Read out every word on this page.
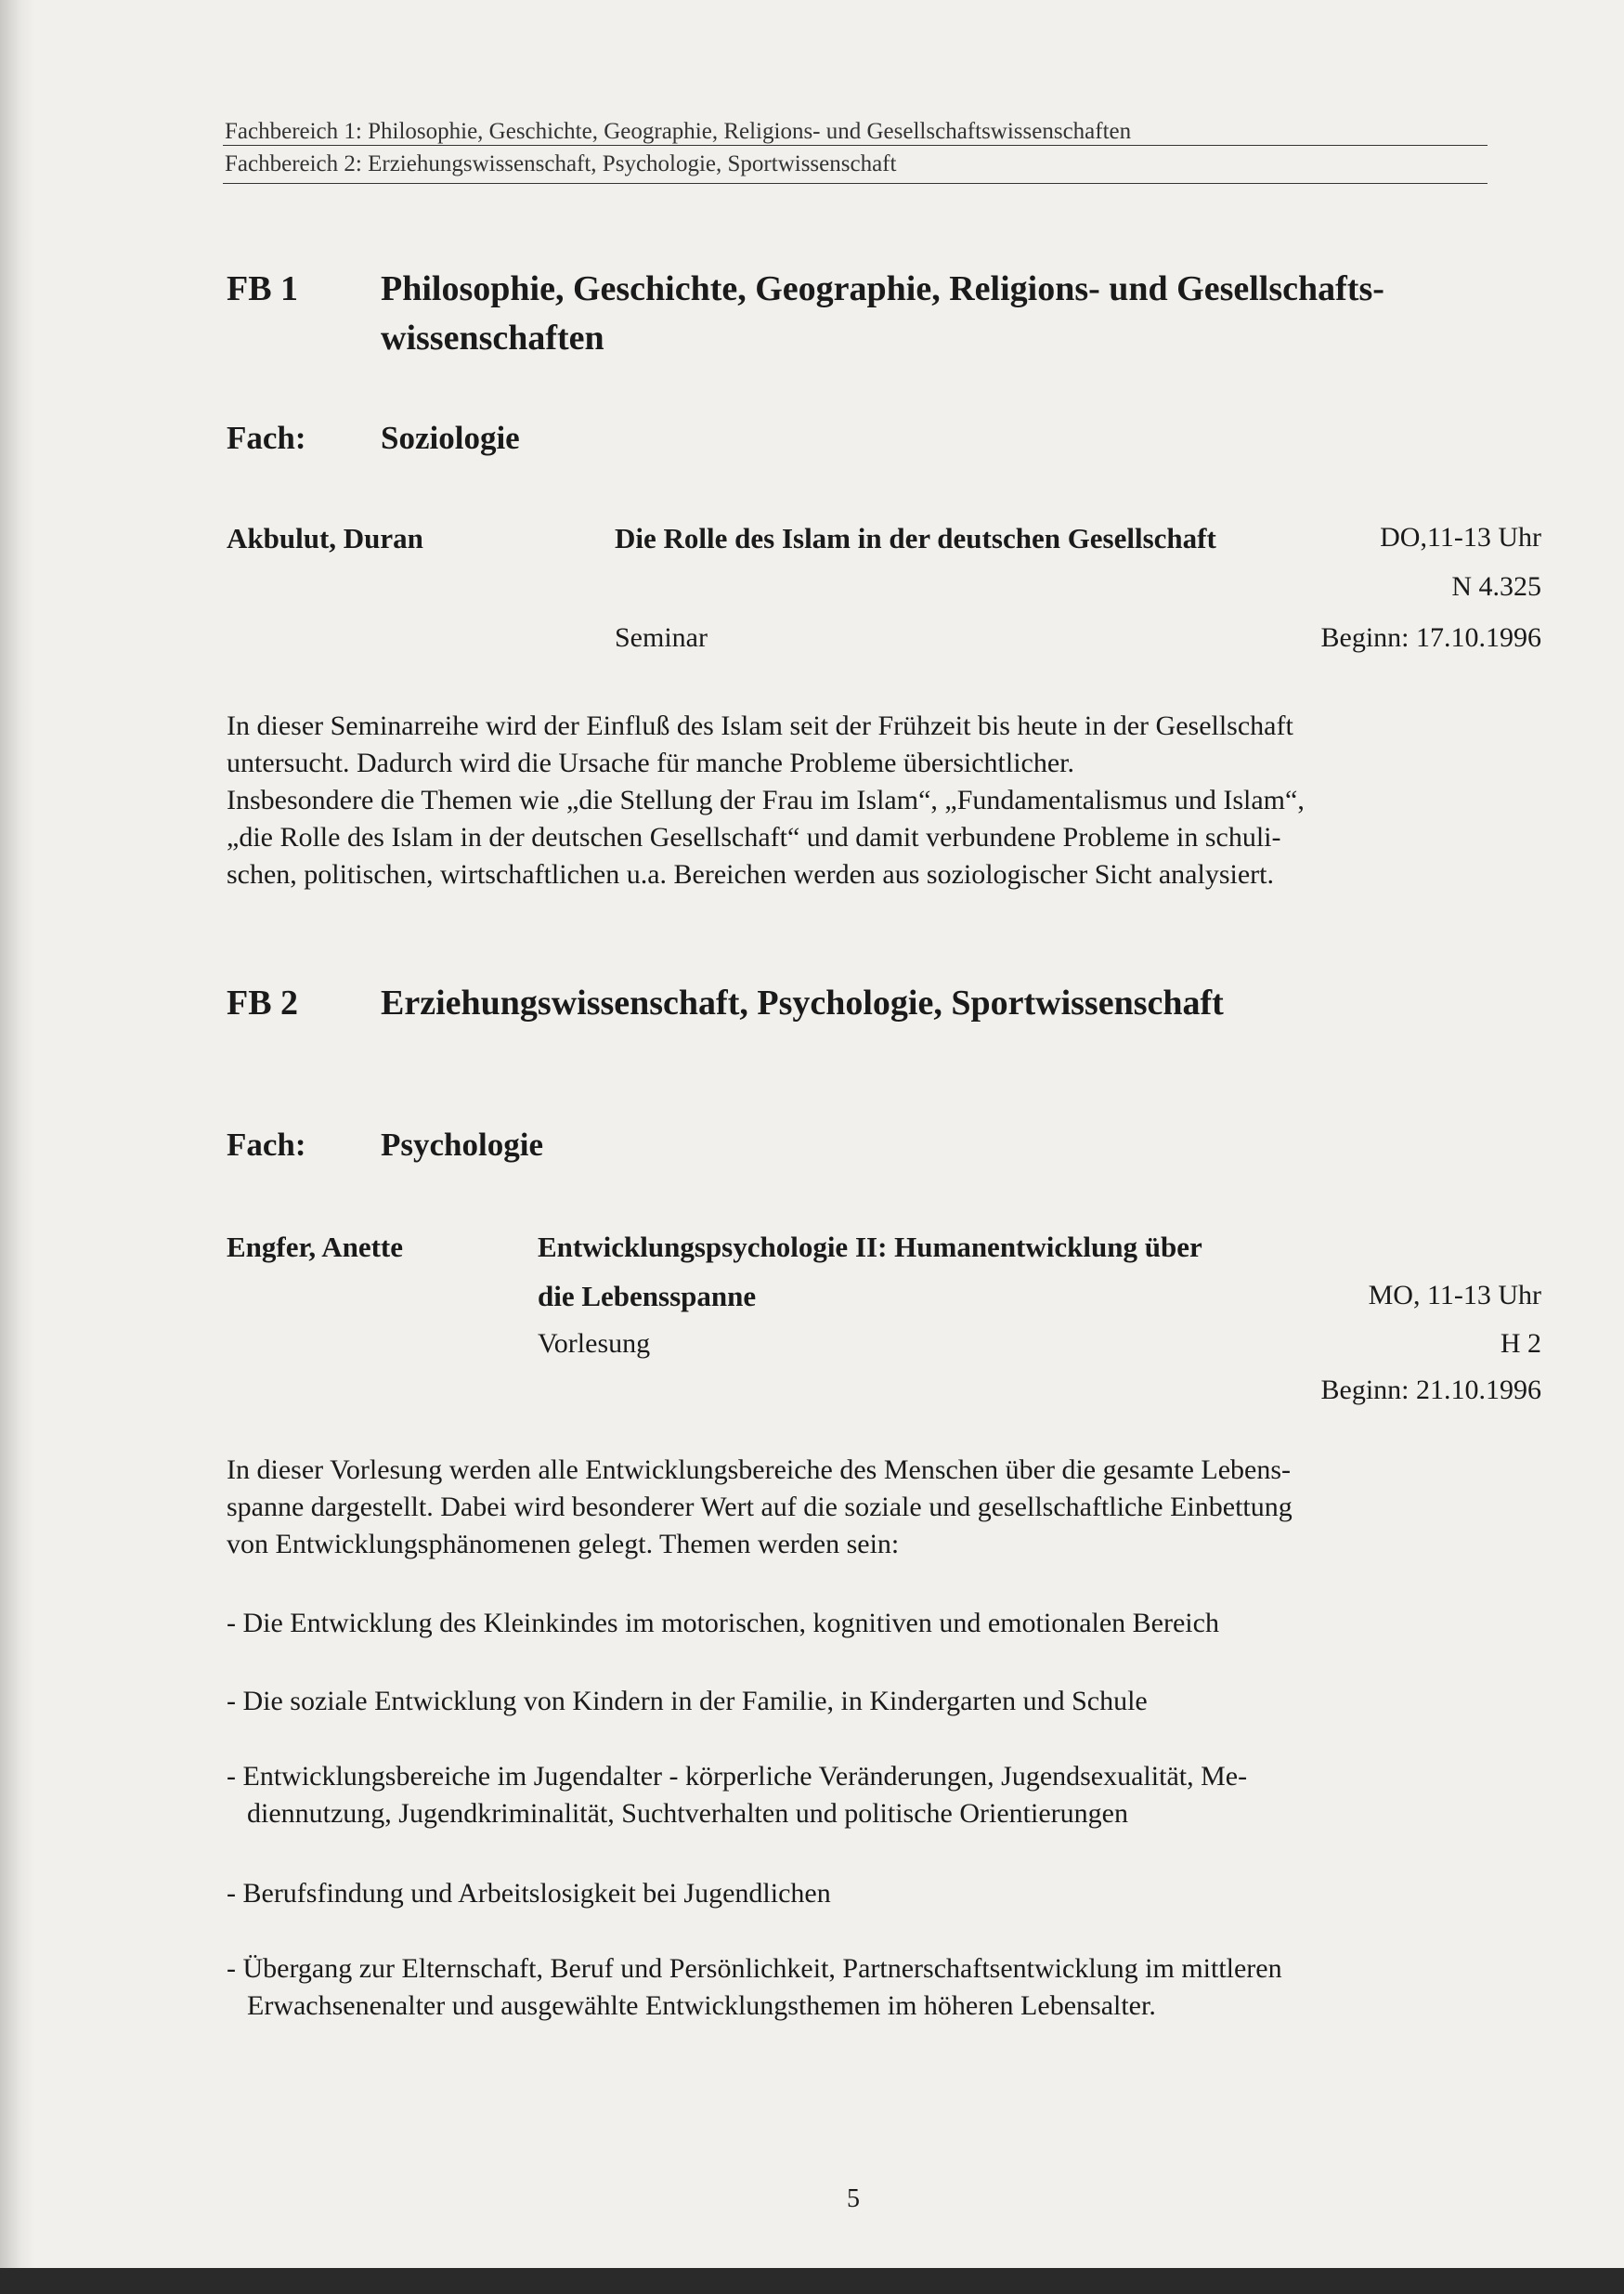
Fachbereich 1: Philosophie, Geschichte, Geographie, Religions- und Gesellschaftswissenschaften
Fachbereich 2: Erziehungswissenschaft, Psychologie, Sportwissenschaft
FB 1 Philosophie, Geschichte, Geographie, Religions- und Gesellschafts-
wissenschaften
Fach: Soziologie
Akbulut, Duran	Die Rolle des Islam in der deutschen Gesellschaft	DO,11-13 Uhr
N 4.325
Seminar	Beginn: 17.10.1996

In dieser Seminarreihe wird der Einfluß des Islam seit der Frühzeit bis heute in der Gesellschaft

untersucht. Dadurch wird die Ursache für manche Probleme übersichtlicher.

Insbesondere die Themen wie „die Stellung der Frau im Islam“, „Fundamentalismus und Islam“,

„die Rolle des Islam in der deutschen Gesellschaft“ und damit verbundene Probleme in schuli-

schen, politischen, wirtschaftlichen u.a. Bereichen werden aus soziologischer Sicht analysiert.

FB 2 Erziehungswissenschaft, Psychologie, Sportwissenschaft
Fach: Psychologie
Engfer, Anette	Entwicklungspsychologie II: Humanentwicklung über
die Lebensspanne	MO, 11-13 Uhr
Vorlesung	H 2
Beginn: 21.10.1996

In dieser Vorlesung werden alle Entwicklungsbereiche des Menschen über die gesamte Lebens-

spanne dargestellt. Dabei wird besonderer Wert auf die soziale und gesellschaftliche Einbettung

von Entwicklungsphänomenen gelegt. Themen werden sein:

- Die Entwicklung des Kleinkindes im motorischen, kognitiven und emotionalen Bereich
- Die soziale Entwicklung von Kindern in der Familie, in Kindergarten und Schule
- Entwicklungsbereiche im Jugendalter - körperliche Veränderungen, Jugendsexualität, Me-
diennutzung, Jugendkriminalität, Suchtverhalten und politische Orientierungen
- Berufsfindung und Arbeitslosigkeit bei Jugendlichen
- Übergang zur Elternschaft, Beruf und Persönlichkeit, Partnerschaftsentwicklung im mittleren
Erwachsenenalter und ausgewählte Entwicklungsthemen im höheren Lebensalter.
5
